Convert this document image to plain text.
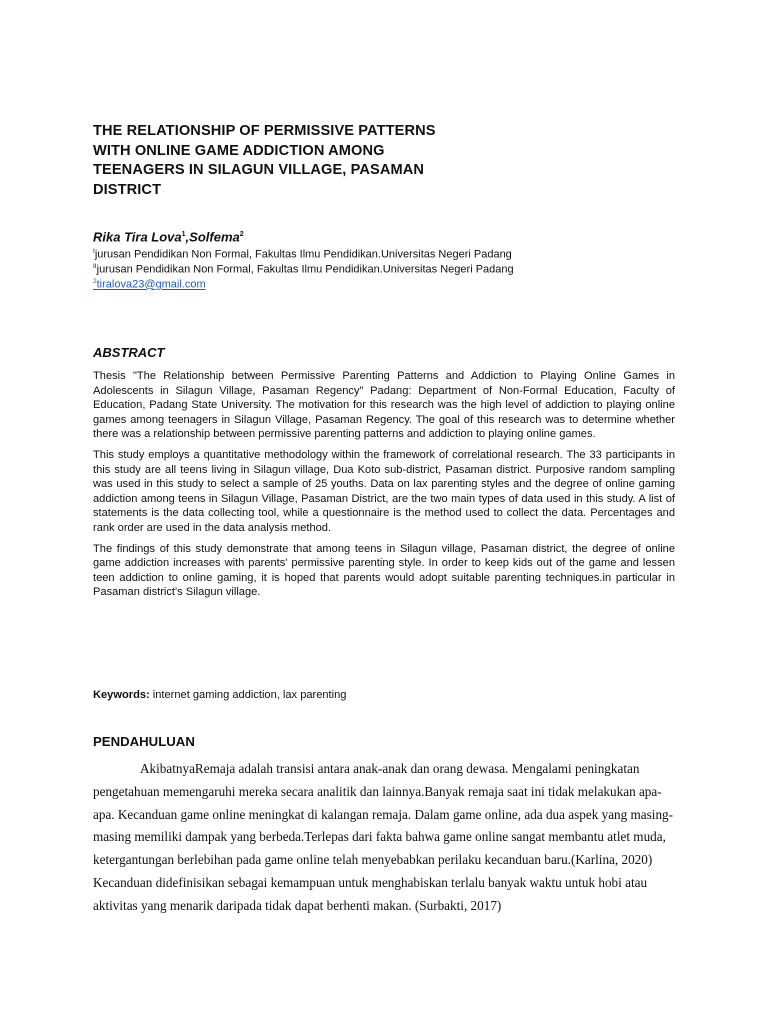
THE RELATIONSHIP OF PERMISSIVE PATTERNS WITH ONLINE GAME ADDICTION AMONG TEENAGERS IN SILAGUN VILLAGE, PASAMAN DISTRICT
Rika Tira Lova$^1$,Solfema$^2$
$^I$jurusan Pendidikan Non Formal, Fakultas Ilmu Pendidikan.Universitas Negeri Padang
$^{II}$jurusan Pendidikan Non Formal, Fakultas Ilmu Pendidikan.Universitas Negeri Padang
$^2$tiralova23@gmail.com
ABSTRACT

Thesis "The Relationship between Permissive Parenting Patterns and Addiction to Playing Online Games in Adolescents in Silagun Village, Pasaman Regency" Padang: Department of Non-Formal Education, Faculty of Education, Padang State University. The motivation for this research was the high level of addiction to playing online games among teenagers in Silagun Village, Pasaman Regency. The goal of this research was to determine whether there was a relationship between permissive parenting patterns and addiction to playing online games.

This study employs a quantitative methodology within the framework of correlational research. The 33 participants in this study are all teens living in Silagun village, Dua Koto sub-district, Pasaman district. Purposive random sampling was used in this study to select a sample of 25 youths. Data on lax parenting styles and the degree of online gaming addiction among teens in Silagun Village, Pasaman District, are the two main types of data used in this study. A list of statements is the data collecting tool, while a questionnaire is the method used to collect the data. Percentages and rank order are used in the data analysis method.

The findings of this study demonstrate that among teens in Silagun village, Pasaman district, the degree of online game addiction increases with parents' permissive parenting style. In order to keep kids out of the game and lessen teen addiction to online gaming, it is hoped that parents would adopt suitable parenting techniques.in particular in Pasaman district's Silagun village.

Keywords: internet gaming addiction, lax parenting
PENDAHULUAN

AkibatnyaRemaja adalah transisi antara anak-anak dan orang dewasa. Mengalami peningkatan pengetahuan memengaruhi mereka secara analitik dan lainnya.Banyak remaja saat ini tidak melakukan apa-apa. Kecanduan game online meningkat di kalangan remaja. Dalam game online, ada dua aspek yang masing-masing memiliki dampak yang berbeda.Terlepas dari fakta bahwa game online sangat membantu atlet muda, ketergantungan berlebihan pada game online telah menyebabkan perilaku kecanduan baru.(Karlina, 2020)

Kecanduan didefinisikan sebagai kemampuan untuk menghabiskan terlalu banyak waktu untuk hobi atau aktivitas yang menarik daripada tidak dapat berhenti makan. (Surbakti, 2017)
